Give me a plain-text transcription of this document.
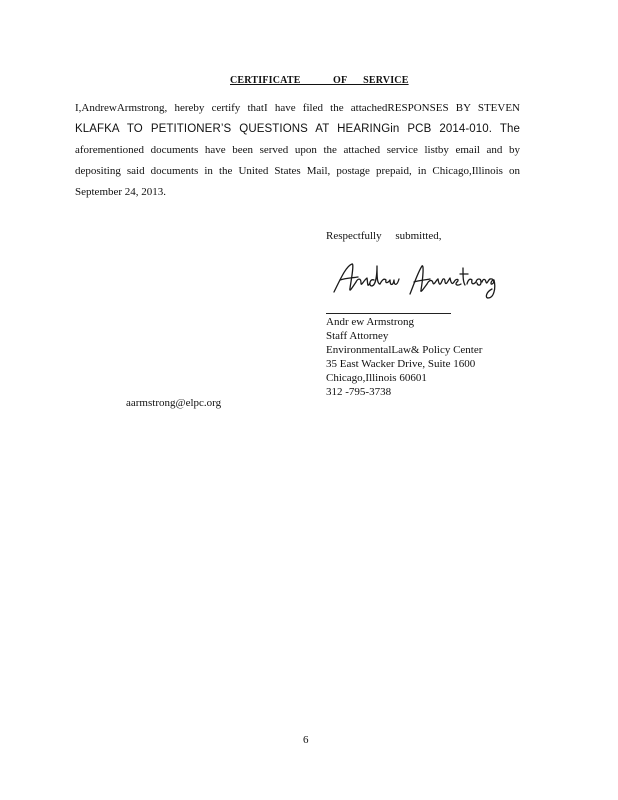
CERTIFICATE            OF      SERVICE
I,AndrewArmstrong, hereby certify thatI have filed the attachedRESPONSES BY STEVEN
KLAFKA TO PETITIONER’S QUESTIONS AT HEARINGin PCB 2014-010. The
aforementioned documents have been served upon the attached service listby email and by
depositing said documents in the United States Mail, postage prepaid, in Chicago,Illinois on
September 24, 2013.
Respectfully     submitted,
Andr ew Armstrong
Staff Attorney
EnvironmentalLaw& Policy Center
35 East Wacker Drive, Suite 1600
Chicago,Illinois 60601
312 -795-3738
aarmstrong@elpc.org
6
